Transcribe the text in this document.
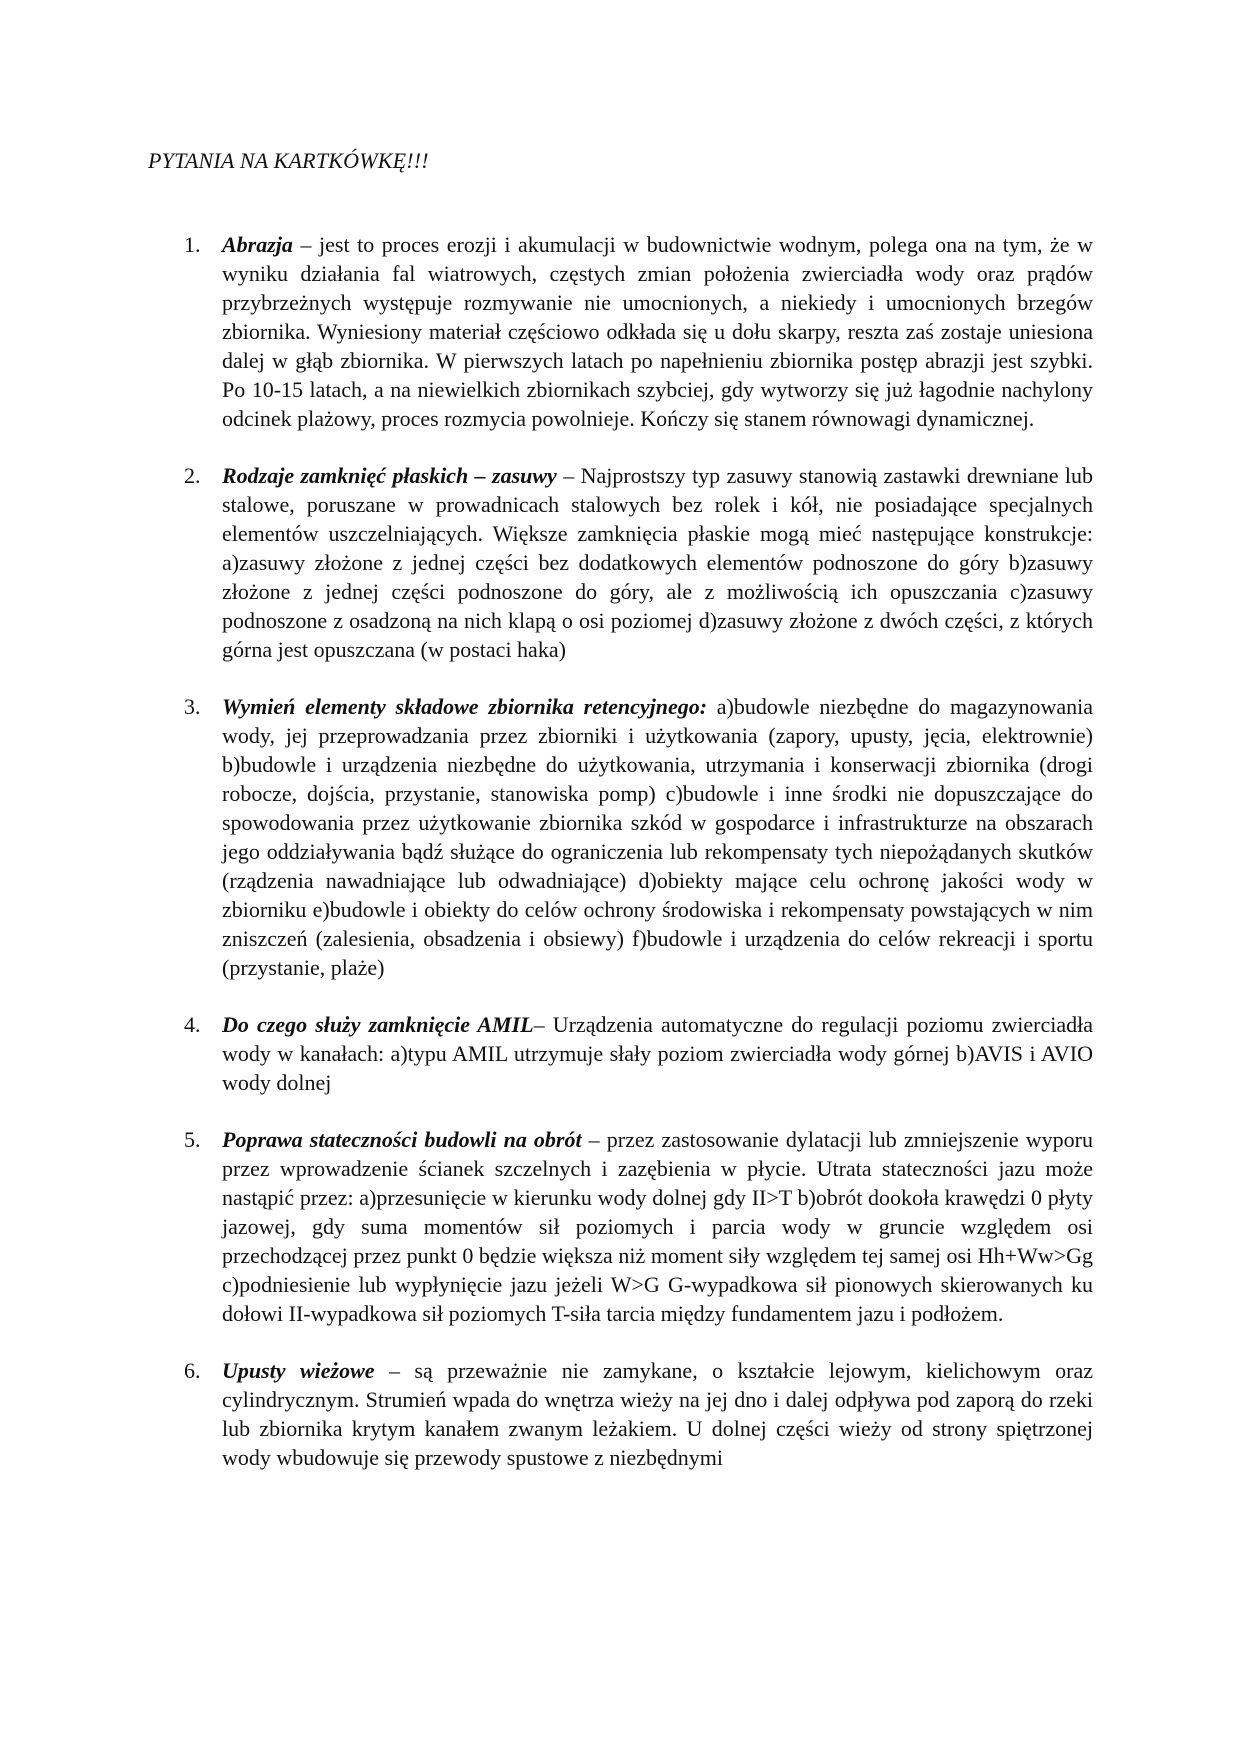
PYTANIA NA KARTKÓWKĘ!!!
1. Abrazja – jest to proces erozji i akumulacji w budownictwie wodnym, polega ona na tym, że w wyniku działania fal wiatrowych, częstych zmian położenia zwierciadła wody oraz prądów przybrzeżnych występuje rozmywanie nie umocnionych, a niekiedy i umocnionych brzegów zbiornika. Wyniesiony materiał częściowo odkłada się u dołu skarpy, reszta zaś zostaje uniesiona dalej w głąb zbiornika. W pierwszych latach po napełnieniu zbiornika postęp abrazji jest szybki. Po 10-15 latach, a na niewielkich zbiornikach szybciej, gdy wytworzy się już łagodnie nachylony odcinek plażowy, proces rozmycia powolnieje. Kończy się stanem równowagi dynamicznej.

2. Rodzaje zamknięć płaskich – zasuwy – Najprostszy typ zasuwy stanowią zastawki drewniane lub stalowe, poruszane w prowadnicach stalowych bez rolek i kół, nie posiadające specjalnych elementów uszczelniających. Większe zamknięcia płaskie mogą mieć następujące konstrukcje: a)zasuwy złożone z jednej części bez dodatkowych elementów podnoszone do góry b)zasuwy złożone z jednej części podnoszone do góry, ale z możliwością ich opuszczania c)zasuwy podnoszone z osadzoną na nich klapą o osi poziomej d)zasuwy złożone z dwóch części, z których górna jest opuszczana (w postaci haka)

3. Wymień elementy składowe zbiornika retencyjnego: a)budowle niezbędne do magazynowania wody, jej przeprowadzania przez zbiorniki i użytkowania (zapory, upusty, jęcia, elektrownie) b)budowle i urządzenia niezbędne do użytkowania, utrzymania i konserwacji zbiornika (drogi robocze, dojścia, przystanie, stanowiska pomp) c)budowle i inne środki nie dopuszczające do spowodowania przez użytkowanie zbiornika szkód w gospodarce i infrastrukturze na obszarach jego oddziaływania bądź służące do ograniczenia lub rekompensaty tych niepożądanych skutków (rządzenia nawadniające lub odwadniające) d)obiekty mające celu ochronę jakości wody w zbiorniku e)budowle i obiekty do celów ochrony środowiska i rekompensaty powstających w nim zniszczeń (zalesienia, obsadzenia i obsiewy) f)budowle i urządzenia do celów rekreacji i sportu (przystanie, plaże)

4. Do czego służy zamknięcie AMIL– Urządzenia automatyczne do regulacji poziomu zwierciadła wody w kanałach: a)typu AMIL utrzymuje słały poziom zwierciadła wody górnej b)AVIS i AVIO wody dolnej

5. Poprawa stateczności budowli na obrót – przez zastosowanie dylatacji lub zmniejszenie wyporu przez wprowadzenie ścianek szczelnych i zazębienia w płycie. Utrata stateczności jazu może nastąpić przez: a)przesunięcie w kierunku wody dolnej gdy II>T b)obrót dookoła krawędzi 0 płyty jazowej, gdy suma momentów sił poziomych i parcia wody w gruncie względem osi przechodzącej przez punkt 0 będzie większa niż moment siły względem tej samej osi Hh+Ww>Gg c)podniesienie lub wypłynięcie jazu jeżeli W>G G-wypadkowa sił pionowych skierowanych ku dołowi II-wypadkowa sił poziomych T-siła tarcia między fundamentem jazu i podłożem.

6. Upusty wieżowe – są przeważnie nie zamykane, o kształcie lejowym, kielichowym oraz cylindrycznym. Strumień wpada do wnętrza wieży na jej dno i dalej odpływa pod zaporą do rzeki lub zbiornika krytym kanałem zwanym leżakiem. U dolnej części wieży od strony spiętrzonej wody wbudowuje się przewody spustowe z niezbędnymi
